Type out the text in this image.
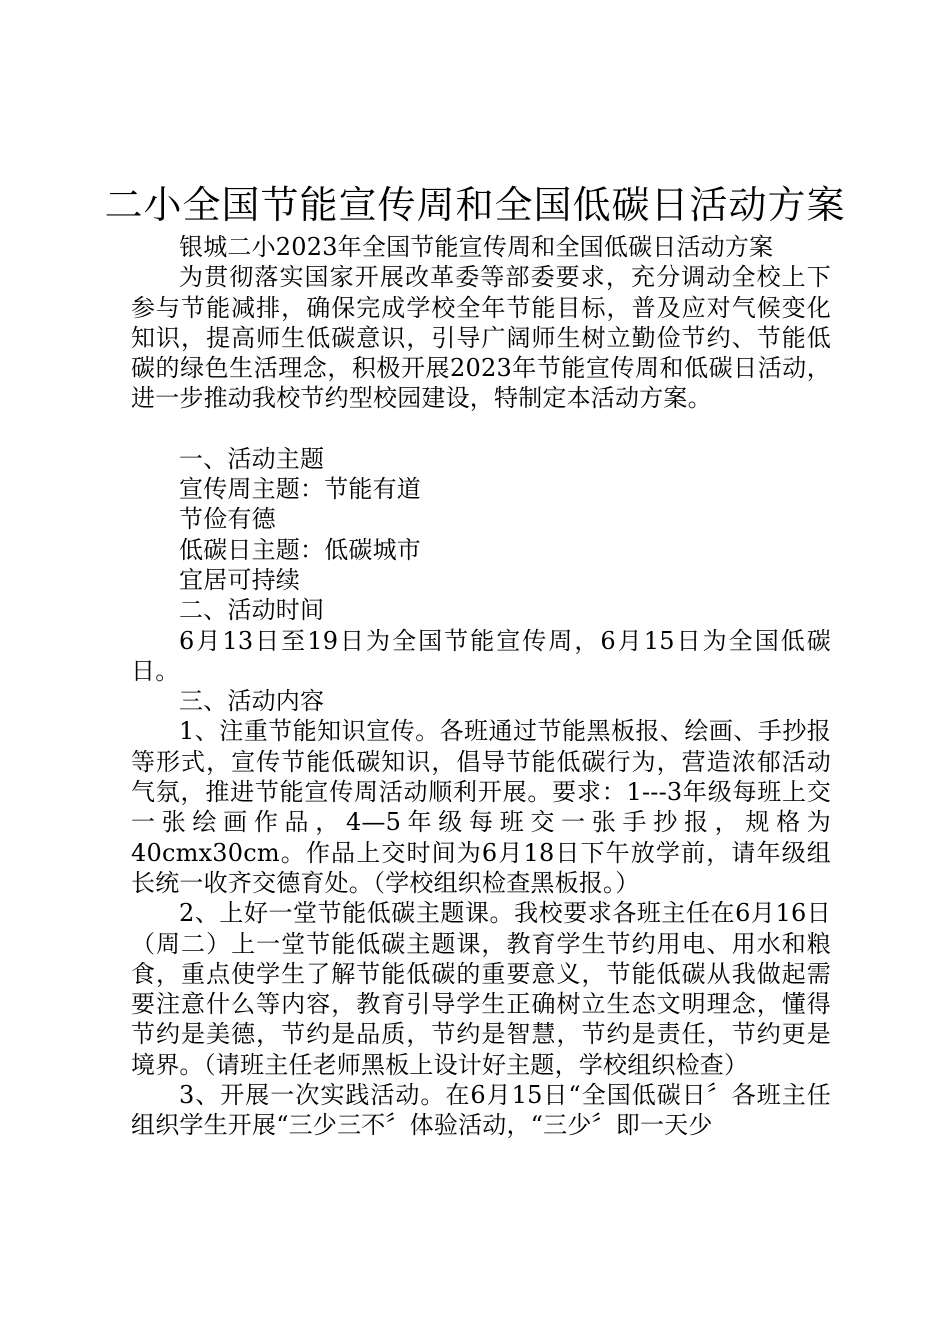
二小全国节能宣传周和全国低碳日活动方案

银城二小2023年全国节能宣传周和全国低碳日活动方案

为贯彻落实国家开展改革委等部委要求，充分调动全校上下参与节能减排，确保完成学校全年节能目标，普及应对气候变化知识，提高师生低碳意识，引导广阔师生树立勤俭节约、节能低碳的绿色生活理念，积极开展2023年节能宣传周和低碳日活动，进一步推动我校节约型校园建设，特制定本活动方案。

一、活动主题

宣传周主题：节能有道

节俭有德

低碳日主题：低碳城市

宜居可持续

二、活动时间

6月13日至19日为全国节能宣传周，6月15日为全国低碳日。

三、活动内容

1、注重节能知识宣传。各班通过节能黑板报、绘画、手抄报等形式，宣传节能低碳知识，倡导节能低碳行为，营造浓郁活动气氛，推进节能宣传周活动顺利开展。要求：1---3年级每班上交一张绘画作品，4—5年级每班交一张手抄报，规格为40cmx30cm。作品上交时间为6月18日下午放学前，请年级组长统一收齐交德育处。（学校组织检查黑板报。）

2、上好一堂节能低碳主题课。我校要求各班主任在6月16日（周二）上一堂节能低碳主题课，教育学生节约用电、用水和粮食，重点使学生了解节能低碳的重要意义，节能低碳从我做起需要注意什么等内容，教育引导学生正确树立生态文明理念，懂得节约是美德，节约是品质，节约是智慧，节约是责任，节约更是境界。（请班主任老师黑板上设计好主题，学校组织检查）

3、开展一次实践活动。在6月15日“全国低碳日〞各班主任组织学生开展“三少三不〞体验活动，“三少〞即一天少
